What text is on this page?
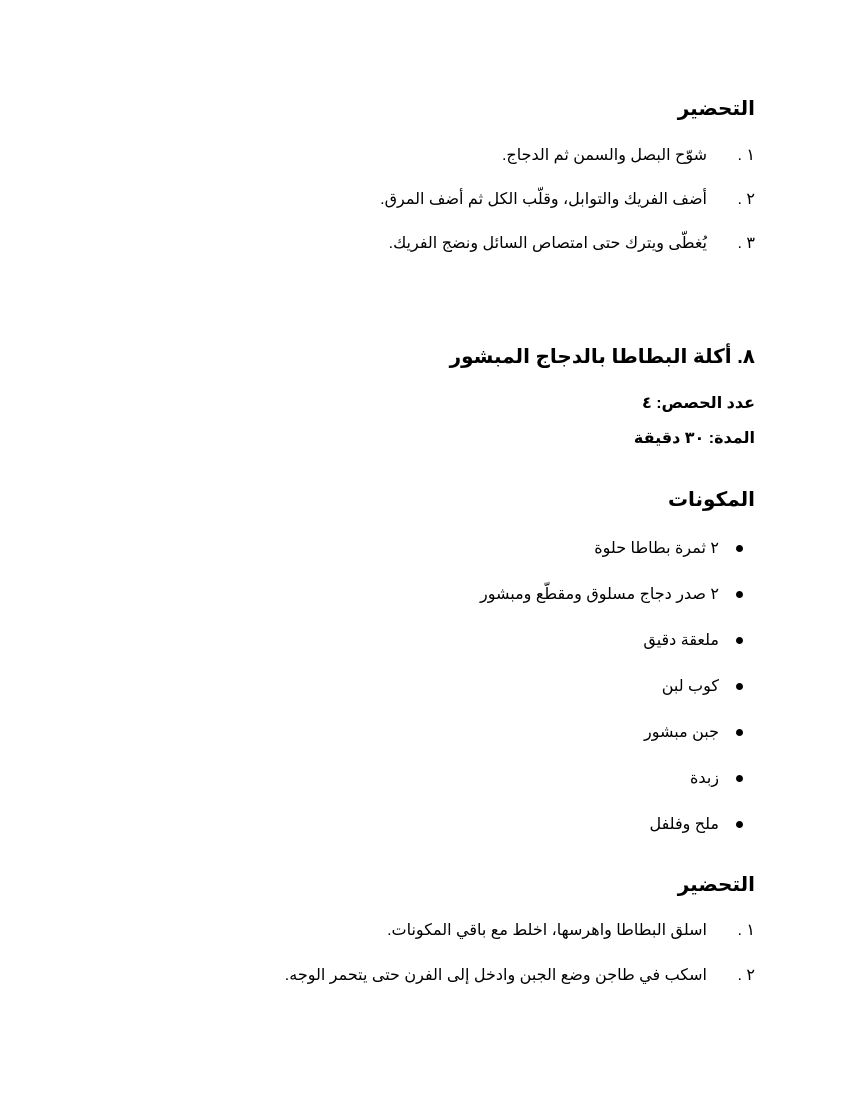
التحضير
١ .
شوّح البصل والسمن ثم الدجاج.
٢ .
أضف الفريك والتوابل، وقلّب الكل ثم أضف المرق.
٣ .
يُغطّى ويترك حتى امتصاص السائل ونضج الفريك.
٨. أكلة البطاطا بالدجاج المبشور
عدد الحصص: ٤
المدة: ٣٠ دقيقة
المكونات
٢ ثمرة بطاطا حلوة
٢ صدر دجاج مسلوق ومقطّع ومبشور
ملعقة دقيق
كوب لبن
جبن مبشور
زبدة
ملح وفلفل
التحضير
١ .
اسلق البطاطا واهرسها، اخلط مع باقي المكونات.
٢ .
اسكب في طاجن وضع الجبن وادخل إلى الفرن حتى يتحمر الوجه.
